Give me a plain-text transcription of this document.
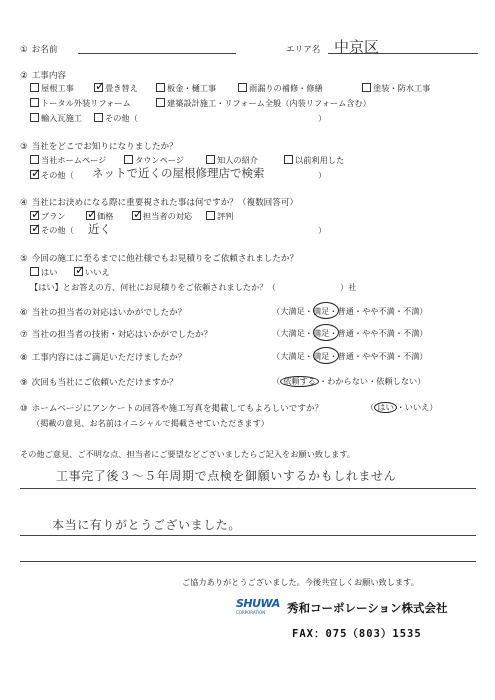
① お名前	エリア名 中京区
② 工事内容
屋根工事 ✓ 畳き替え	板金・樋工事	雨漏りの補修・修繕	塗装・防水工事
トータル外装リフォーム	建築設計施工・リフォーム全般（内装リフォーム含む）
輸入瓦施工	その他（	）
③ 当社をどこでお知りになりましたか？
当社ホームページ	タウンページ	知人の紹介	以前利用した
✓ その他（ ネットで近くの屋根修理店で検索	）
④ 当社にお決めになる際に重要視された事は何ですか？（複数回答可）
✓ プラン ✓ 価格 ✓ 担当者の対応	評判
✓ その他（ 近く	）
⑤ 今回の施工に至るまでに他社様でもお見積りをご依頼されましたか？
はい ✓ いいえ
【はい】とお答えの方、何社にお見積りをご依頼されましたか？（	）社
⑥ 当社の担当者の対応はいかがでしたか？	（大満足・満足・普通・やや不満・不満）
⑦ 当社の担当者の技術・対応はいかがでしたか？	（大満足・満足・普通・やや不満・不満）
⑧ 工事内容にはご満足いただけましたか？	（大満足・満足・普通・やや不満・不満）
⑨ 次回も当社にご依頼いただけますか？	（ 依頼する ・わからない・依頼しない）
⑩ ホームページにアンケートの回答や施工写真を掲載してもよろしいですか？	（ はい ・いいえ）
（掲載の意見、お名前はイニシャルで掲載させていただきます）
その他ご意見、ご不明な点、担当者にご要望などございましたらご記入をお願い致します。
工事完了後３〜５年周期で点検を御願いするかもしれません
本当に有りがとうございました。
ご協力ありがとうございました。今後共宜しくお願い致します。
SHUWA
CORPORATION	秀和コーポレーション株式会社
FAX：075（803）1535
